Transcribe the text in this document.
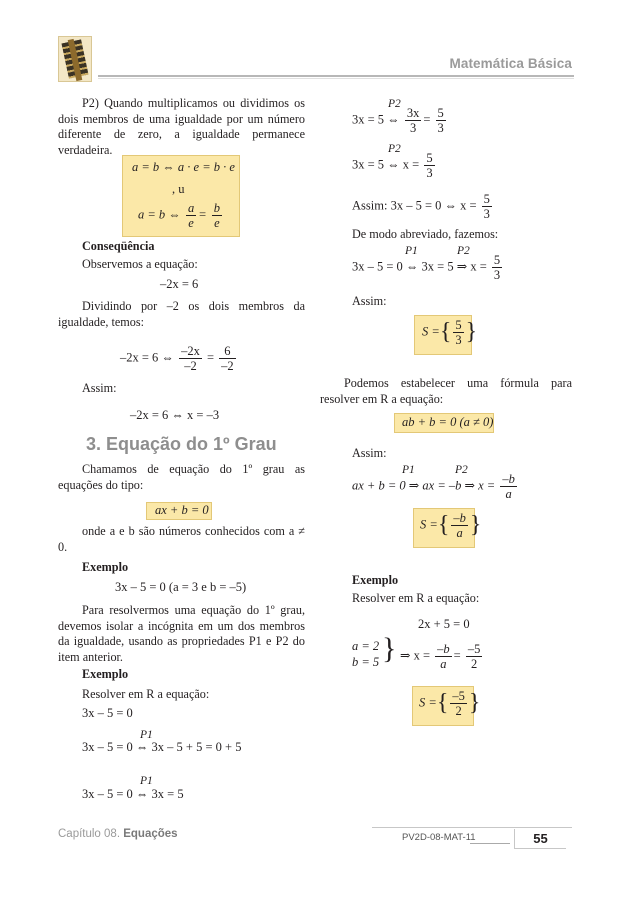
Matemática Básica
P2) Quando multiplicamos ou dividimos os dois membros de uma igualdade por um número diferente de zero, a igualdade permanece verdadeira.
a = b ⇔ a · e = b · e
, u
a = b ⇔ $\frac{a}{e} = \frac{b}{e}$
Conseqüência
Observemos a equação:
–2x = 6
Dividindo por –2 os dois membros da igualdade, temos:
–2x = 6 ⇔ $\frac{-2x}{-2} = \frac{6}{-2}$
Assim:
–2x = 6 ⇔ x = –3
3. Equação do 1º Grau
Chamamos de equação do 1º grau as equações do tipo:
ax + b = 0
onde a e b são números conhecidos com a ≠ 0.
Exemplo
3x – 5 = 0 (a = 3 e b = –5)
Para resolvermos uma equação do 1º grau, devemos isolar a incógnita em um dos membros da igualdade, usando as propriedades P1 e P2 do item anterior.
Exemplo
Resolver em R a equação:
3x – 5 = 0
P1
3x – 5 = 0 ⇔ 3x – 5 + 5 = 0 + 5
P1
3x – 5 = 0 ⇔ 3x = 5
P2
3x = 5 ⇔ $\frac{3x}{3} = \frac{5}{3}$
P2
3x = 5 ⇔ $x = \frac{5}{3}$
Assim: 3x – 5 = 0 ⇔ $x = \frac{5}{3}$
De modo abreviado, fazemos:
P1	P2
3x – 5 = 0 ⇔ 3x = 5 ⇒ $x = \frac{5}{3}$
Assim:
S ={ $\frac{5}{3}$ }
Podemos estabelecer uma fórmula para resolver em R a equação:
ab + b = 0 (a ≠ 0)
Assim:
P1	P2
ax + b = 0 ⇒ ax = –b ⇒ $x = \frac{-b}{a}$
S ={ $\frac{-b}{a}$ }
Exemplo
Resolver em R a equação:
2x + 5 = 0
a = 2
b = 5 } ⇒ $x = \frac{-b}{a} = \frac{-5}{2}$
S ={ $\frac{-5}{2}$ }
Capítulo 08. Equações	PV2D-08-MAT-11	55
